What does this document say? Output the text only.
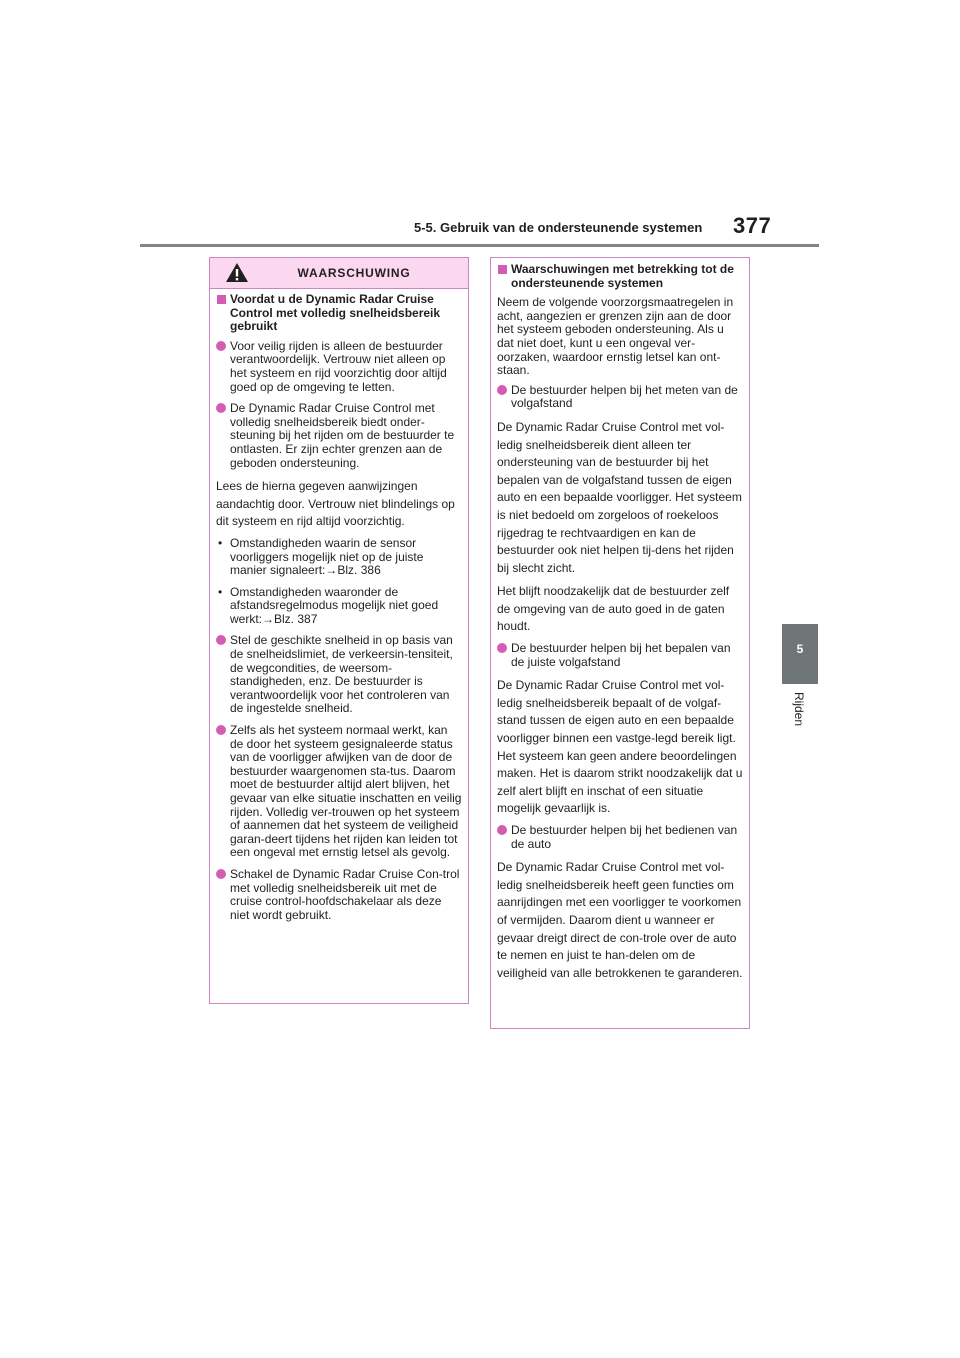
5-5. Gebruik van de ondersteunende systemen 377
5
Rijden
WAARSCHUWING
Voordat u de Dynamic Radar Cruise Control met volledig snelheidsbereik gebruikt
Voor veilig rijden is alleen de bestuurder verantwoordelijk. Vertrouw niet alleen op het systeem en rijd voorzichtig door altijd goed op de omgeving te letten.
De Dynamic Radar Cruise Control met volledig snelheidsbereik biedt onder-steuning bij het rijden om de bestuurder te ontlasten. Er zijn echter grenzen aan de geboden ondersteuning.
Lees de hierna gegeven aanwijzingen aandachtig door. Vertrouw niet blindelings op dit systeem en rijd altijd voorzichtig.
• Omstandigheden waarin de sensor voorliggers mogelijk niet op de juiste manier signaleert:→Blz. 386
• Omstandigheden waaronder de afstandsregelmodus mogelijk niet goed werkt:→Blz. 387
Stel de geschikte snelheid in op basis van de snelheidslimiet, de verkeersin-tensiteit, de wegcondities, de weersom-standigheden, enz. De bestuurder is verantwoordelijk voor het controleren van de ingestelde snelheid.
Zelfs als het systeem normaal werkt, kan de door het systeem gesignaleerde status van de voorligger afwijken van de door de bestuurder waargenomen sta-tus. Daarom moet de bestuurder altijd alert blijven, het gevaar van elke situatie inschatten en veilig rijden. Volledig ver-trouwen op het systeem of aannemen dat het systeem de veiligheid garan-deert tijdens het rijden kan leiden tot een ongeval met ernstig letsel als gevolg.
Schakel de Dynamic Radar Cruise Con-trol met volledig snelheidsbereik uit met de cruise control-hoofdschakelaar als deze niet wordt gebruikt.
Waarschuwingen met betrekking tot de ondersteunende systemen
Neem de volgende voorzorgsmaatregelen in acht, aangezien er grenzen zijn aan de door het systeem geboden ondersteuning. Als u dat niet doet, kunt u een ongeval ver-oorzaken, waardoor ernstig letsel kan ont-staan.
De bestuurder helpen bij het meten van de volgafstand
De Dynamic Radar Cruise Control met vol-ledig snelheidsbereik dient alleen ter ondersteuning van de bestuurder bij het bepalen van de volgafstand tussen de eigen auto en een bepaalde voorligger. Het systeem is niet bedoeld om zorgeloos of roekeloos rijgedrag te rechtvaardigen en kan de bestuurder ook niet helpen tij-dens het rijden bij slecht zicht.
Het blijft noodzakelijk dat de bestuurder zelf de omgeving van de auto goed in de gaten houdt.
De bestuurder helpen bij het bepalen van de juiste volgafstand
De Dynamic Radar Cruise Control met vol-ledig snelheidsbereik bepaalt of de volgaf-stand tussen de eigen auto en een bepaalde voorligger binnen een vastge-legd bereik ligt. Het systeem kan geen andere beoordelingen maken. Het is daarom strikt noodzakelijk dat u zelf alert blijft en inschat of een situatie mogelijk gevaarlijk is.
De bestuurder helpen bij het bedienen van de auto
De Dynamic Radar Cruise Control met vol-ledig snelheidsbereik heeft geen functies om aanrijdingen met een voorligger te voorkomen of vermijden. Daarom dient u wanneer er gevaar dreigt direct de con-trole over de auto te nemen en juist te han-delen om de veiligheid van alle betrokkenen te garanderen.
